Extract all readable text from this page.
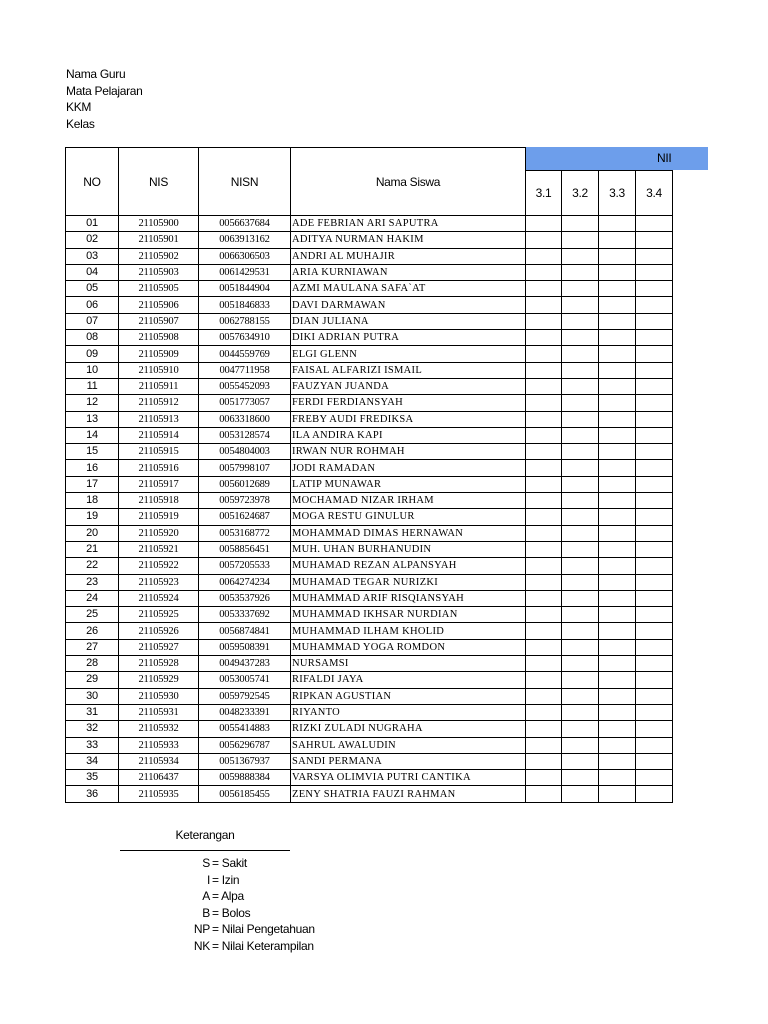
Nama Guru
Mata Pelajaran
KKM
Kelas
NII
NO	NIS	NISN	Nama Siswa				
				3.1	3.2	3.3	3.4
01	21105900	0056637684	ADE FEBRIAN ARI SAPUTRA				
02	21105901	0063913162	ADITYA NURMAN HAKIM				
03	21105902	0066306503	ANDRI AL MUHAJIR				
04	21105903	0061429531	ARIA KURNIAWAN				
05	21105905	0051844904	AZMI MAULANA SAFA`AT				
06	21105906	0051846833	DAVI DARMAWAN				
07	21105907	0062788155	DIAN JULIANA				
08	21105908	0057634910	DIKI ADRIAN PUTRA				
09	21105909	0044559769	ELGI GLENN				
10	21105910	0047711958	FAISAL ALFARIZI ISMAIL				
11	21105911	0055452093	FAUZYAN JUANDA				
12	21105912	0051773057	FERDI FERDIANSYAH				
13	21105913	0063318600	FREBY AUDI FREDIKSA				
14	21105914	0053128574	ILA ANDIRA KAPI				
15	21105915	0054804003	IRWAN NUR ROHMAH				
16	21105916	0057998107	JODI RAMADAN				
17	21105917	0056012689	LATIP MUNAWAR				
18	21105918	0059723978	MOCHAMAD NIZAR IRHAM				
19	21105919	0051624687	MOGA RESTU GINULUR				
20	21105920	0053168772	MOHAMMAD DIMAS HERNAWAN				
21	21105921	0058856451	MUH. UHAN BURHANUDIN				
22	21105922	0057205533	MUHAMAD REZAN ALPANSYAH				
23	21105923	0064274234	MUHAMAD TEGAR NURIZKI				
24	21105924	0053537926	MUHAMMAD ARIF RISQIANSYAH				
25	21105925	0053337692	MUHAMMAD IKHSAR NURDIAN				
26	21105926	0056874841	MUHAMMAD ILHAM KHOLID				
27	21105927	0059508391	MUHAMMAD YOGA ROMDON				
28	21105928	0049437283	NURSAMSI				
29	21105929	0053005741	RIFALDI JAYA				
30	21105930	0059792545	RIPKAN AGUSTIAN				
31	21105931	0048233391	RIYANTO				
32	21105932	0055414883	RIZKI ZULADI NUGRAHA				
33	21105933	0056296787	SAHRUL AWALUDIN				
34	21105934	0051367937	SANDI PERMANA				
35	21106437	0059888384	VARSYA OLIMVIA PUTRI CANTIKA				
36	21105935	0056185455	ZENY SHATRIA FAUZI RAHMAN				
Keterangan
S = Sakit
I = Izin
A = Alpa
B = Bolos
NP = Nilai Pengetahuan
NK = Nilai Keterampilan
